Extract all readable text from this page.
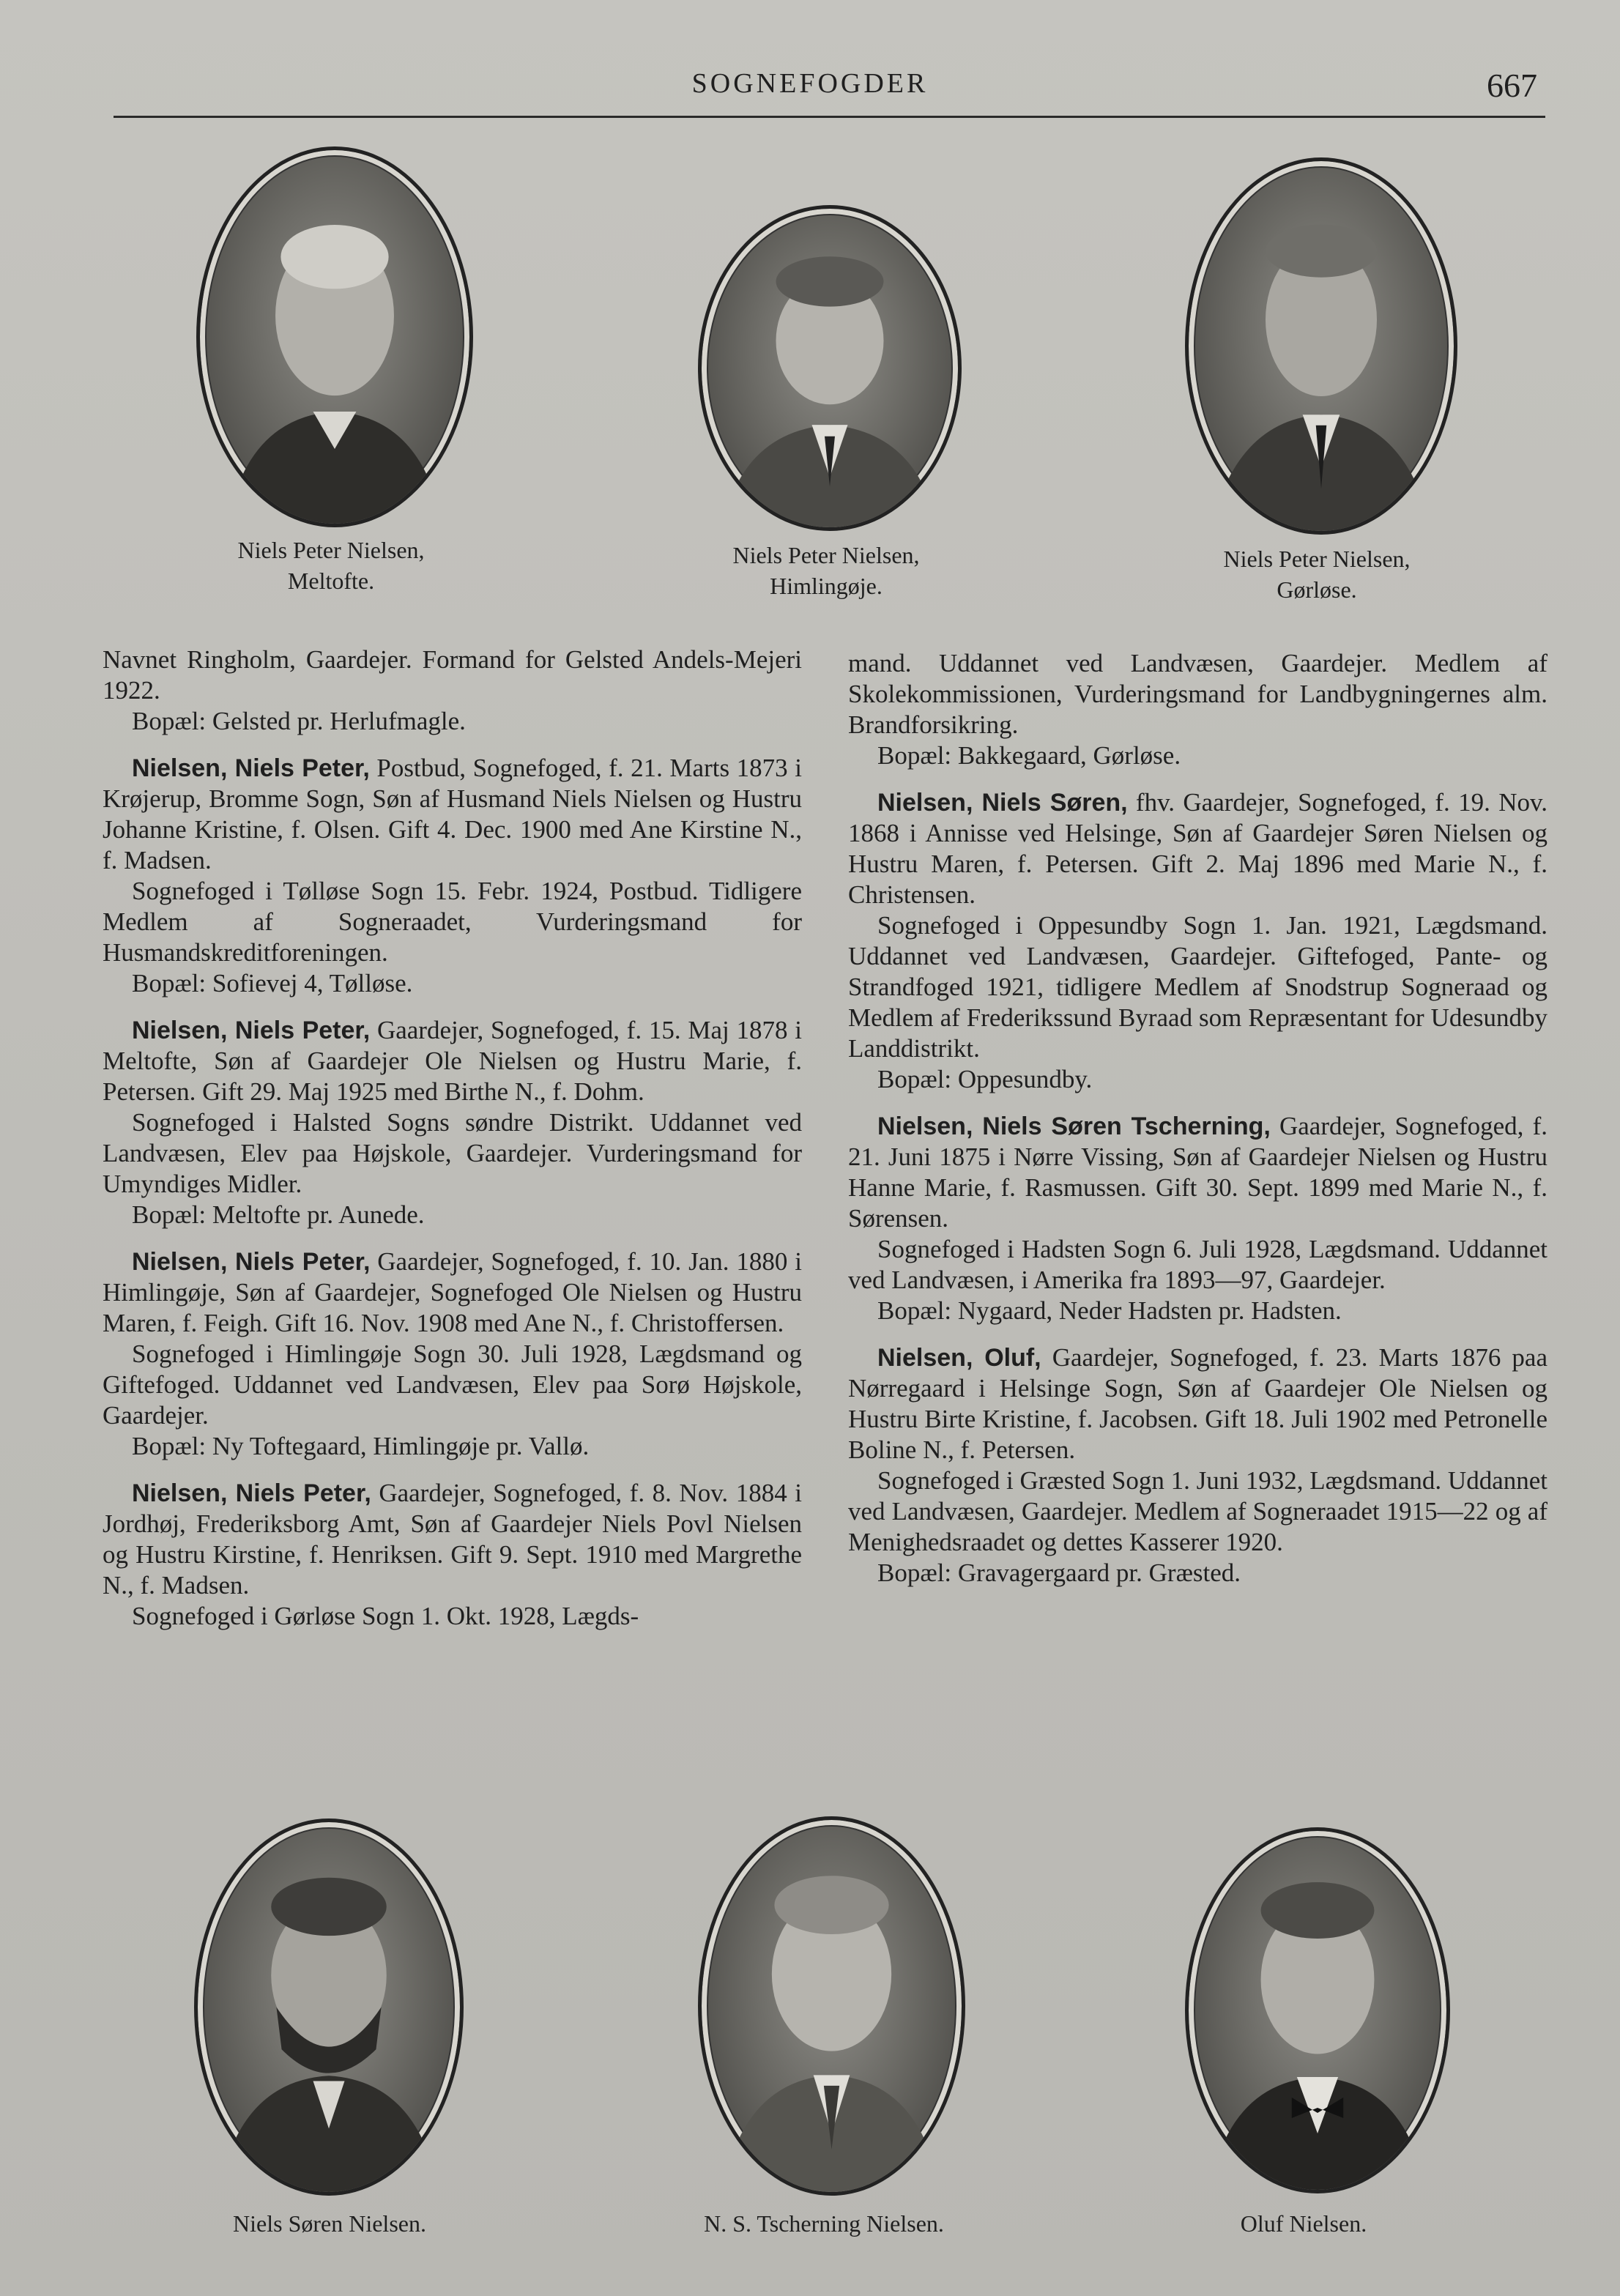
SOGNEFOGDER	667
Niels Peter Nielsen,
Meltofte.
Niels Peter Nielsen,
Himlingøje.
Niels Peter Nielsen,
Gørløse.

Navnet Ringholm, Gaardejer. Formand for Gelsted Andels-Mejeri 1922.

Bopæl: Gelsted pr. Herlufmagle.

Nielsen, Niels Peter, Postbud, Sognefoged, f. 21. Marts 1873 i Krøjerup, Bromme Sogn, Søn af Husmand Niels Nielsen og Hustru Johanne Kristine, f. Olsen. Gift 4. Dec. 1900 med Ane Kirstine N., f. Madsen.

Sognefoged i Tølløse Sogn 15. Febr. 1924, Postbud. Tidligere Medlem af Sogneraadet, Vurderingsmand for Husmandskreditforeningen.

Bopæl: Sofievej 4, Tølløse.

Nielsen, Niels Peter, Gaardejer, Sognefoged, f. 15. Maj 1878 i Meltofte, Søn af Gaardejer Ole Nielsen og Hustru Marie, f. Petersen. Gift 29. Maj 1925 med Birthe N., f. Dohm.

Sognefoged i Halsted Sogns søndre Distrikt. Uddannet ved Landvæsen, Elev paa Højskole, Gaardejer. Vurderingsmand for Umyndiges Midler.

Bopæl: Meltofte pr. Aunede.

Nielsen, Niels Peter, Gaardejer, Sognefoged, f. 10. Jan. 1880 i Himlingøje, Søn af Gaardejer, Sognefoged Ole Nielsen og Hustru Maren, f. Feigh. Gift 16. Nov. 1908 med Ane N., f. Christoffersen.

Sognefoged i Himlingøje Sogn 30. Juli 1928, Lægdsmand og Giftefoged. Uddannet ved Landvæsen, Elev paa Sorø Højskole, Gaardejer.

Bopæl: Ny Toftegaard, Himlingøje pr. Vallø.

Nielsen, Niels Peter, Gaardejer, Sognefoged, f. 8. Nov. 1884 i Jordhøj, Frederiksborg Amt, Søn af Gaardejer Niels Povl Nielsen og Hustru Kirstine, f. Henriksen. Gift 9. Sept. 1910 med Margrethe N., f. Madsen.

Sognefoged i Gørløse Sogn 1. Okt. 1928, Lægds-

mand. Uddannet ved Landvæsen, Gaardejer. Medlem af Skolekommissionen, Vurderingsmand for Landbygningernes alm. Brandforsikring.

Bopæl: Bakkegaard, Gørløse.

Nielsen, Niels Søren, fhv. Gaardejer, Sognefoged, f. 19. Nov. 1868 i Annisse ved Helsinge, Søn af Gaardejer Søren Nielsen og Hustru Maren, f. Petersen. Gift 2. Maj 1896 med Marie N., f. Christensen.

Sognefoged i Oppesundby Sogn 1. Jan. 1921, Lægdsmand. Uddannet ved Landvæsen, Gaardejer. Giftefoged, Pante- og Strandfoged 1921, tidligere Medlem af Snodstrup Sogneraad og Medlem af Frederikssund Byraad som Repræsentant for Udesundby Landdistrikt.

Bopæl: Oppesundby.

Nielsen, Niels Søren Tscherning, Gaardejer, Sognefoged, f. 21. Juni 1875 i Nørre Vissing, Søn af Gaardejer Nielsen og Hustru Hanne Marie, f. Rasmussen. Gift 30. Sept. 1899 med Marie N., f. Sørensen.

Sognefoged i Hadsten Sogn 6. Juli 1928, Lægdsmand. Uddannet ved Landvæsen, i Amerika fra 1893—97, Gaardejer.

Bopæl: Nygaard, Neder Hadsten pr. Hadsten.

Nielsen, Oluf, Gaardejer, Sognefoged, f. 23. Marts 1876 paa Nørregaard i Helsinge Sogn, Søn af Gaardejer Ole Nielsen og Hustru Birte Kristine, f. Jacobsen. Gift 18. Juli 1902 med Petronelle Boline N., f. Petersen.

Sognefoged i Græsted Sogn 1. Juni 1932, Lægdsmand. Uddannet ved Landvæsen, Gaardejer. Medlem af Sogneraadet 1915—22 og af Menighedsraadet og dettes Kasserer 1920.

Bopæl: Gravagergaard pr. Græsted.

Niels Søren Nielsen.	N. S. Tscherning Nielsen.	Oluf Nielsen.
